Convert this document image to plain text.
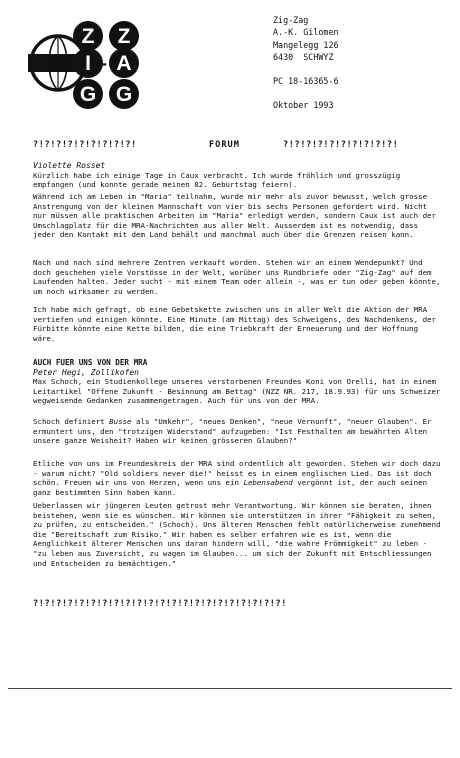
Z Z
I - A
G G
Zig-Zag
A.-K. Gilomen
Mangelegg 126
6430  SCHWYZ
PC 18-16365-6
Oktober 1993

?!?!?!?!?!?!?!?!?!

	FORUM

	?!?!?!?!?!?!?!?!?!?!

Violette Rosset

Kürzlich habe ich einige Tage in Caux verbracht. Ich wurde fröhlich und grosszügig empfangen (und konnte gerade meinen 82. Geburtstag feiern).

Während ich am Leben im "Maria" teilnahm, wurde mir mehr als zuvor bewusst, welch grosse Anstrengung von der kleinen Mannschaft von vier bis sechs Personen gefordert wird. Nicht nur müssen alle praktischen Arbeiten im "Maria" erledigt werden, sondern Caux ist auch der Umschlagplatz für die MRA-Nachrichten aus aller Welt. Ausserdem ist es notwendig, dass jeder den Kontakt mit dem Land behält und manchmal auch über die Grenzen reisen kann.

Nach und nach sind mehrere Zentren verkauft worden. Stehen wir an einem Wendepunkt? Und doch geschehen viele Vorstösse in der Welt, worüber uns Rundbriefe oder "Zig-Zag" auf dem Laufenden halten. Jeder sucht - mit einem Team oder allein -, was er tun oder geben könnte, um noch wirksamer zu werden.

Ich habe mich gefragt, ob eine Gebetskette zwischen uns in aller Welt die Aktion der MRA vertiefen und einigen könnte. Eine Minute (am Mittag) des Schweigens, des Nachdenkens, der Fürbitte könnte eine Kette bilden, die eine Triebkraft der Erneuerung und der Hoffnung wäre.

AUCH FUER UNS VON DER MRA

Peter Hegi, Zollikofen

Max Schoch, ein Studienkollege unseres verstorbenen Freundes Koni von Orelli, hat in einem Leitartikel "Offene Zukunft - Besinnung am Bettag" (NZZ NR. 217, 18.9.93) für uns Schweizer wegweisende Gedanken zusammengetragen. Auch für uns von der MRA.

Schoch definiert Busse als "Umkehr", "neues Denken", "neue Vernunft", "neuer Glauben". Er ermuntert uns, den "trotzigen Widerstand" aufzugeben: "Ist Festhalten am bewährten Alten unsere ganze Weisheit? Haben wir keinen grösseren Glauben?"

Etliche von uns im Freundeskreis der MRA sind ordentlich alt geworden. Stehen wir doch dazu - warum nicht? "Old soldiers never die!" heisst es in einem englischen Lied. Das ist doch schön. Freuen wir uns von Herzen, wenn uns ein Lebensabend vergönnt ist, der auch seinen ganz bestimmten Sinn haben kann.

Ueberlassen wir jüngeren Leuten getrost mehr Verantwortung. Wir können sie beraten, ihnen beistehen, wenn sie es wünschen. Wir können sie unterstützen in ihrer "Fähigkeit zu sehen, zu prüfen, zu entscheiden." (Schoch). Uns älteren Menschen fehlt natürlicherweise zunehmend die "Bereitschaft zum Risiko." Wir haben es selber erfahren wie es ist, wenn die Aenglichkeit älterer Menschen uns daran hindern will, "die wahre Frömmigkeit" zu leben - "zu leben aus Zuversicht, zu wagen im Glauben... um sich der Zukunft mit Entschliessungen und Entscheiden zu bemächtigen."

?!?!?!?!?!?!?!?!?!?!?!?!?!?!?!?!?!?!?!?!?!?!
